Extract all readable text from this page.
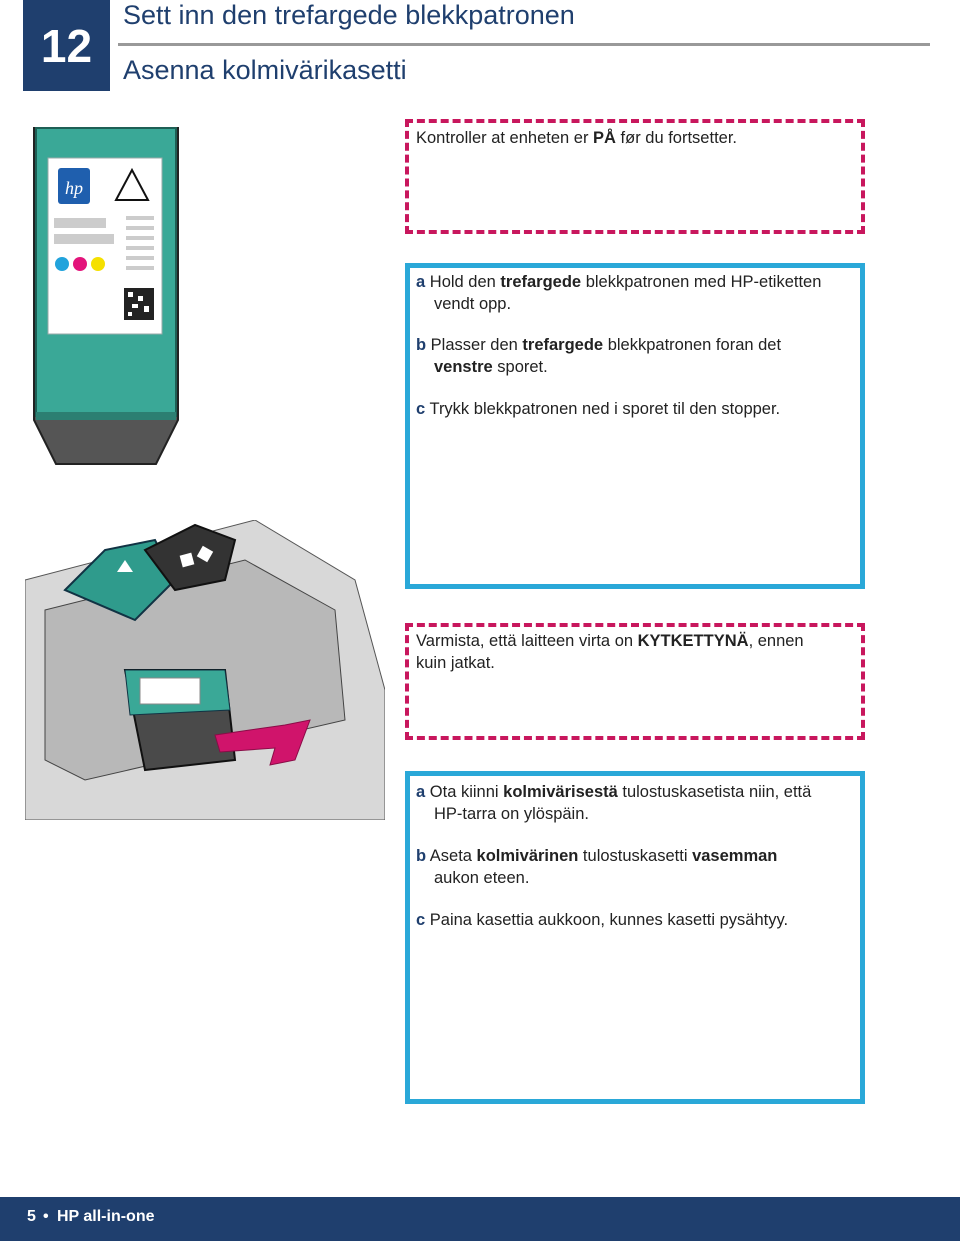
12
Sett inn den trefargede blekkpatronen
Asenna kolmivärikasetti
hp
Kontroller at enheten er PÅ før du fortsetter.
a Hold den trefargede blekkpatronen med HP-etiketten
vendt opp.
b Plasser den trefargede blekkpatronen foran det
venstre sporet.
c Trykk blekkpatronen ned i sporet til den stopper.
Varmista, että laitteen virta on KYTKETTYNÄ, ennen
kuin jatkat.
a Ota kiinni kolmivärisestä tulostuskasetista niin, että
HP-tarra on ylöspäin.
b Aseta kolmivärinen tulostuskasetti vasemman
aukon eteen.
c Paina kasettia aukkoon, kunnes kasetti pysähtyy.
5 • HP all-in-one
